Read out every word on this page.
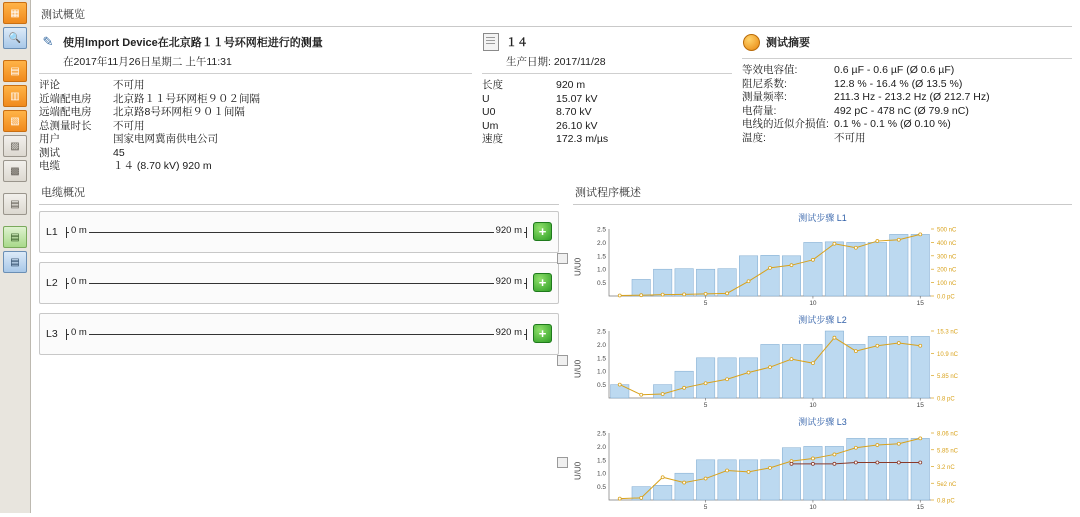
▦
🔍
▤
▥
▧
▨
▩
▤
▤
▤
测试概览
✎ 使用Import Device在北京路１１号环网柜进行的测量
在2017年11月26日星期二 上午11:31
评论	不可用
近端配电房	北京路１１号环网柜９０２间隔
远端配电房	北京路8号环网柜９０１间隔
总测量时长	不可用
用户	国家电网冀南供电公司
测试	45
电缆	１４ (8.70 kV) 920 m
１４
生产日期: 2017/11/28
长度	920 m
U	15.07 kV
U0	8.70 kV
Um	26.10 kV
速度	172.3 m/µs
测试摘要
等效电容值:	0.6 µF - 0.6 µF (Ø 0.6 µF)
阻尼系数:	12.8 % - 16.4 % (Ø 13.5 %)
测量频率:	211.3 Hz - 213.2 Hz (Ø 212.7 Hz)
电荷量:	492 pC - 478 nC (Ø 79.9 nC)
电线的近似介损值: 0.1 % - 0.1 % (Ø 0.10 %)
温度:	不可用
电缆概况
L1 0 m	920 m	+
L2 0 m	920 m	+
L3 0 m	920 m	+
测试程序概述
测试步骤 L1
U/U0
0.5
1.0
1.5
2.0
2.5
5	10	15
500 nC
400 nC
300 nC
200 nC
100 nC
0.0 pC
测试步骤 L2
U/U0
0.5
1.0
1.5
2.0
2.5
5	10	15
15.3 nC
10.9 nC
5.85 nC
0.8 pC
测试步骤 L3
U/U0
0.5
1.0
1.5
2.0
2.5
5	10	15
8.06 nC
5.85 nC
3.2 nC
5e2 nC
0.8 pC
